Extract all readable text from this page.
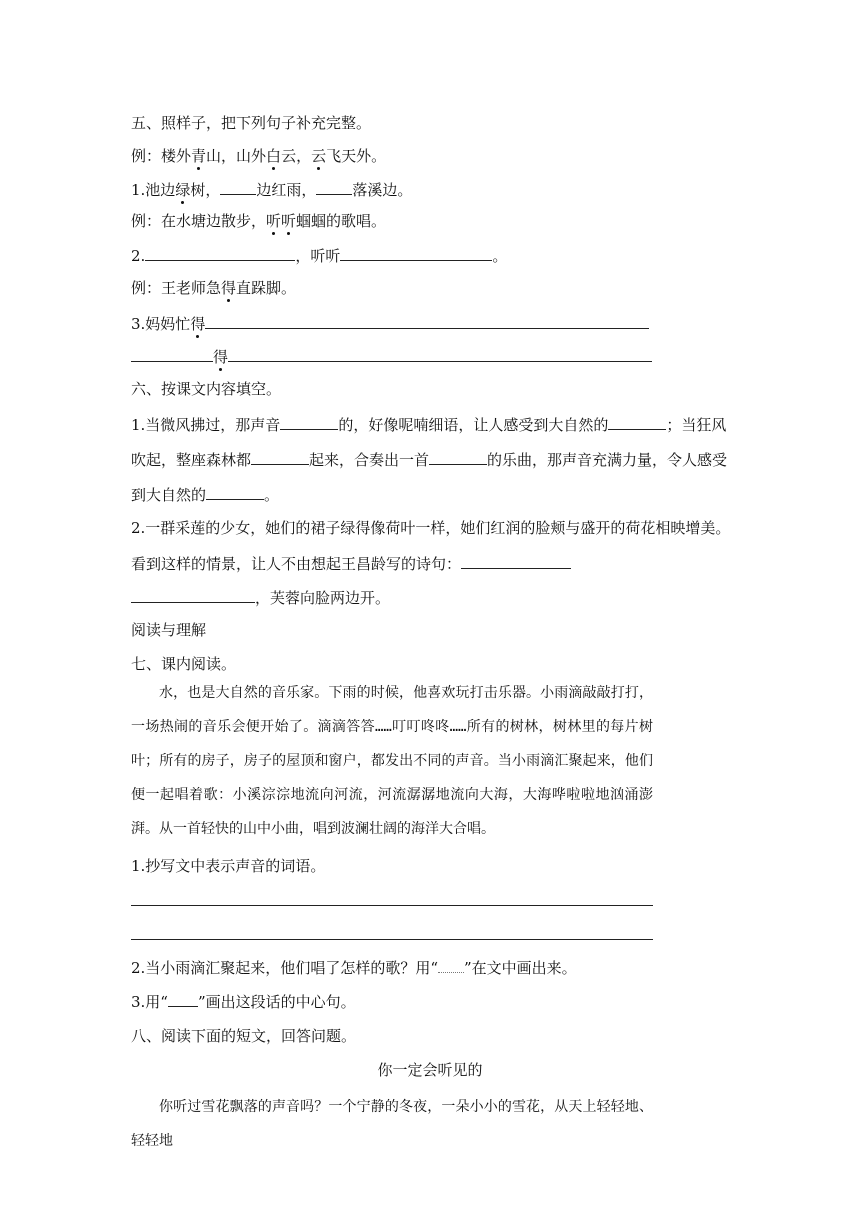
五、照样子，把下列句子补充完整。
例：楼外青山，山外白云，云飞天外。
1.池边绿树， 边红雨， 落溪边。
例：在水塘边散步，听听蝈蝈的歌唱。
2.	，听听	。
例：王老师急得直跺脚。
3.妈妈忙得
得
六、按课文内容填空。
1.当微风拂过，那声音	的，好像呢喃细语，让人感受到大自然的	；当狂风
吹起，整座森林都	起来，合奏出一首	的乐曲，那声音充满力量，令人感受
到大自然的	。
2.一群采莲的少女，她们的裙子绿得像荷叶一样，她们红润的脸颊与盛开的荷花相映增美。
看到这样的情景，让人不由想起王昌龄写的诗句：
，芙蓉向脸两边开。
阅读与理解
七、课内阅读。

水，也是大自然的音乐家。下雨的时候，他喜欢玩打击乐器。小雨滴敲敲打打，一场热闹的音乐会便开始了。滴滴答答……叮叮咚咚……所有的树林，树林里的每片树叶；所有的房子，房子的屋顶和窗户，都发出不同的声音。当小雨滴汇聚起来，他们便一起唱着歌：小溪淙淙地流向河流，河流潺潺地流向大海，大海哗啦啦地汹涌澎湃。从一首轻快的山中小曲，唱到波澜壮阔的海洋大合唱。

1.抄写文中表示声音的词语。
2.当小雨滴汇聚起来，他们唱了怎样的歌？用“ ”在文中画出来。
3.用“ ”画出这段话的中心句。
八、阅读下面的短文，回答问题。
你一定会听见的

你听过雪花飘落的声音吗？一个宁静的冬夜，一朵小小的雪花，从天上轻轻地、轻轻地
